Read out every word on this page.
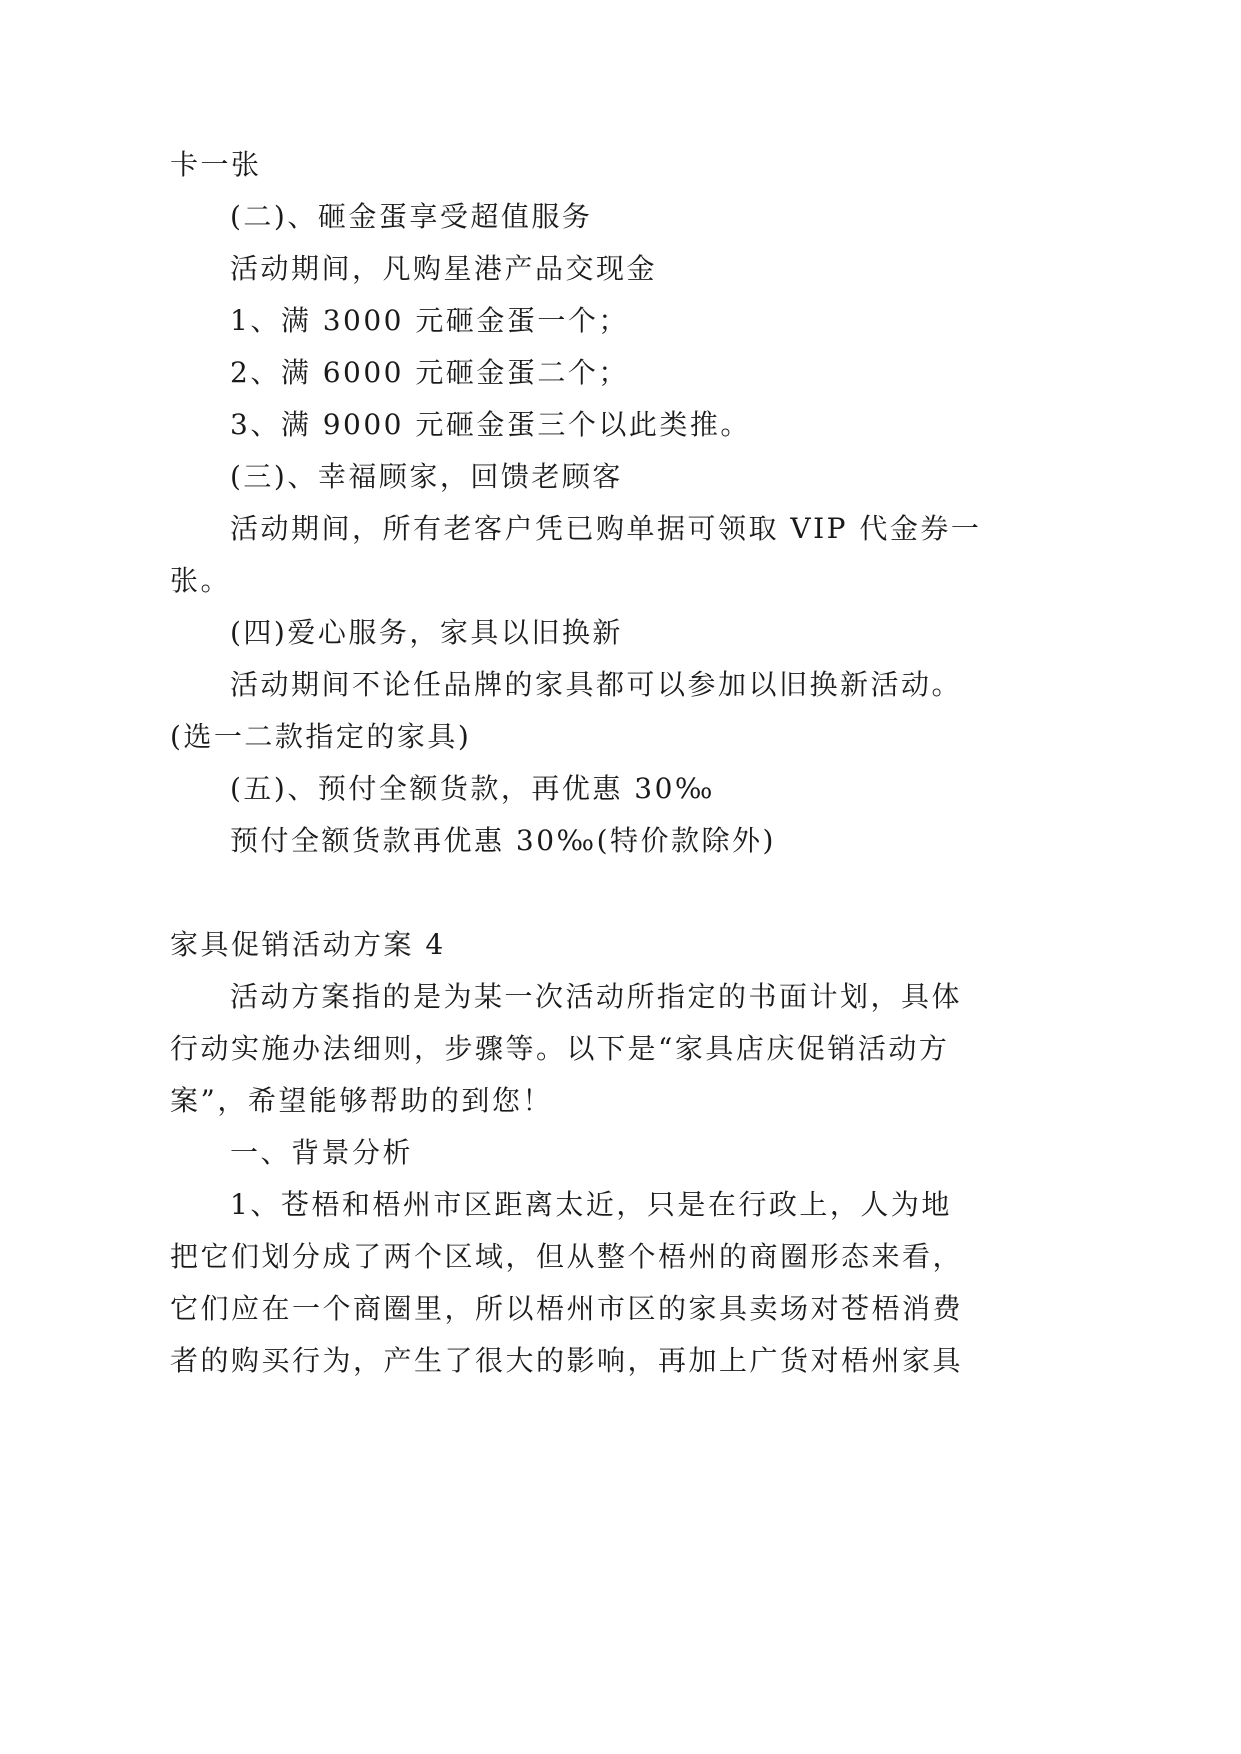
卡一张
(二)、砸金蛋享受超值服务
活动期间，凡购星港产品交现金
1、满 3000 元砸金蛋一个；
2、满 6000 元砸金蛋二个；
3、满 9000 元砸金蛋三个以此类推。
(三)、幸福顾家，回馈老顾客
活动期间，所有老客户凭已购单据可领取 VIP 代金券一
张。
(四)爱心服务，家具以旧换新
活动期间不论任品牌的家具都可以参加以旧换新活动。
(选一二款指定的家具)
(五)、预付全额货款，再优惠 30‰
预付全额货款再优惠 30‰(特价款除外)
家具促销活动方案 4
活动方案指的是为某一次活动所指定的书面计划，具体
行动实施办法细则，步骤等。以下是“家具店庆促销活动方
案”，希望能够帮助的到您！
一、背景分析
1、苍梧和梧州市区距离太近，只是在行政上，人为地
把它们划分成了两个区域，但从整个梧州的商圈形态来看，
它们应在一个商圈里，所以梧州市区的家具卖场对苍梧消费
者的购买行为，产生了很大的影响，再加上广货对梧州家具
